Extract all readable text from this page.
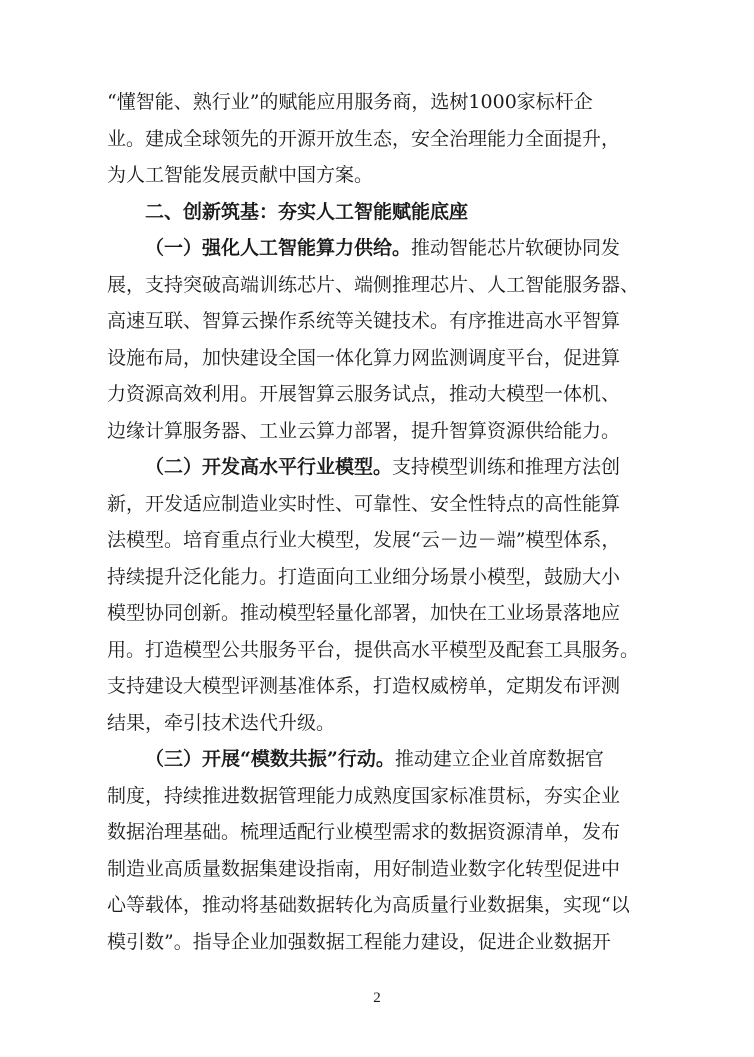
“懂智能、熟行业”的赋能应用服务商，选树1000家标杆企
业。建成全球领先的开源开放生态，安全治理能力全面提升，
为人工智能发展贡献中国方案。
二、创新筑基：夯实人工智能赋能底座
（一）强化人工智能算力供给。推动智能芯片软硬协同发
展，支持突破高端训练芯片、端侧推理芯片、人工智能服务器、
高速互联、智算云操作系统等关键技术。有序推进高水平智算
设施布局，加快建设全国一体化算力网监测调度平台，促进算
力资源高效利用。开展智算云服务试点，推动大模型一体机、
边缘计算服务器、工业云算力部署，提升智算资源供给能力。
（二）开发高水平行业模型。支持模型训练和推理方法创
新，开发适应制造业实时性、可靠性、安全性特点的高性能算
法模型。培育重点行业大模型，发展“云－边－端”模型体系，
持续提升泛化能力。打造面向工业细分场景小模型，鼓励大小
模型协同创新。推动模型轻量化部署，加快在工业场景落地应
用。打造模型公共服务平台，提供高水平模型及配套工具服务。
支持建设大模型评测基准体系，打造权威榜单，定期发布评测
结果，牵引技术迭代升级。
（三）开展“模数共振”行动。推动建立企业首席数据官
制度，持续推进数据管理能力成熟度国家标准贯标，夯实企业
数据治理基础。梳理适配行业模型需求的数据资源清单，发布
制造业高质量数据集建设指南，用好制造业数字化转型促进中
心等载体，推动将基础数据转化为高质量行业数据集，实现“以
模引数”。指导企业加强数据工程能力建设，促进企业数据开
2
